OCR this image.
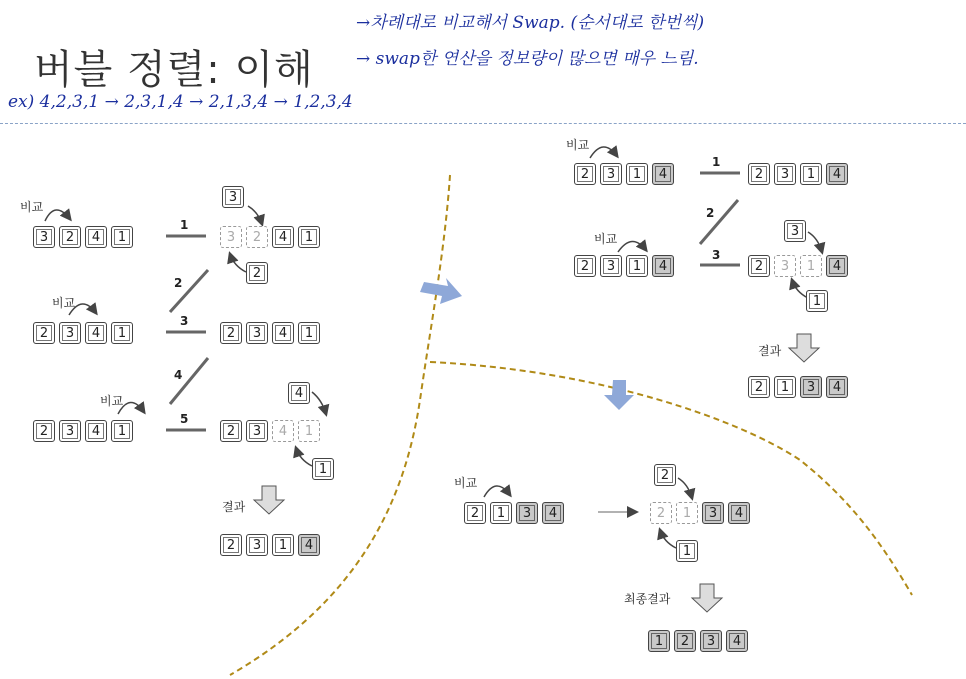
버블 정렬: 이해
→차례대로 비교해서 Swap. (순서대로 한번씩)
→ swap한 연산을 정보량이 많으면 매우 느림.
ex) 4,2,3,1 → 2,3,1,4 → 2,1,3,4 → 1,2,3,4
1
2
3
4
5
1
2
3
비교
3	2	4	1
3
3	2	4	1
2
비교
2	3	4	1	2	3	4	1
비교
2	3	4	1
4
2	3	4	1
1
결과
2	3	1	4
비교
2	3	1	4	2	3	1	4
비교
3
2	3	1	4	2	3	1	4
1
결과
2	1	3	4
비교
2	1	3	4
2
2	1	3	4
1
최종결과
1	2	3	4
